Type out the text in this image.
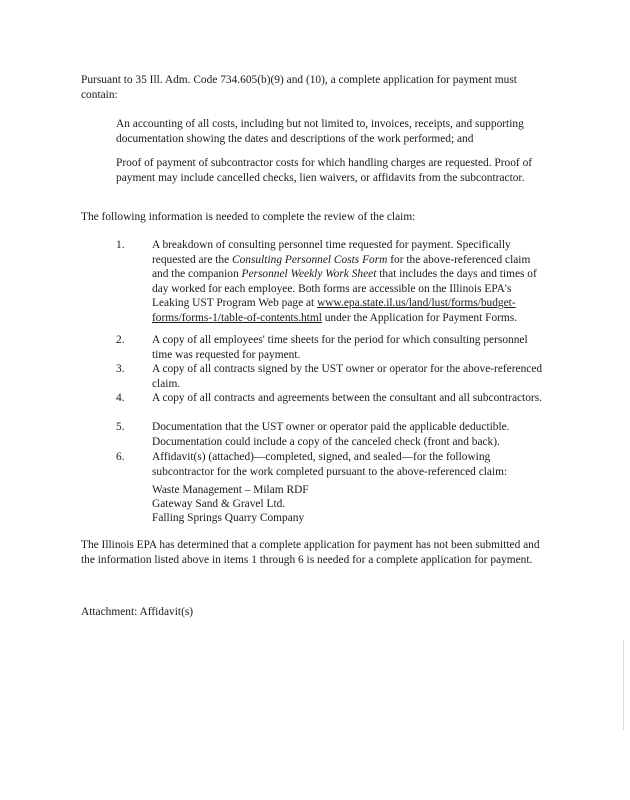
Pursuant to 35 Ill. Adm. Code 734.605(b)(9) and (10), a complete application for payment must contain:
An accounting of all costs, including but not limited to, invoices, receipts, and supporting documentation showing the dates and descriptions of the work performed; and
Proof of payment of subcontractor costs for which handling charges are requested. Proof of payment may include cancelled checks, lien waivers, or affidavits from the subcontractor.
The following information is needed to complete the review of the claim:
1. A breakdown of consulting personnel time requested for payment. Specifically requested are the Consulting Personnel Costs Form for the above-referenced claim and the companion Personnel Weekly Work Sheet that includes the days and times of day worked for each employee. Both forms are accessible on the Illinois EPA's Leaking UST Program Web page at www.epa.state.il.us/land/lust/forms/budget-forms/forms-1/table-of-contents.html under the Application for Payment Forms.
2. A copy of all employees' time sheets for the period for which consulting personnel time was requested for payment.
3. A copy of all contracts signed by the UST owner or operator for the above-referenced claim.
4. A copy of all contracts and agreements between the consultant and all subcontractors.
5. Documentation that the UST owner or operator paid the applicable deductible. Documentation could include a copy of the canceled check (front and back).
6. Affidavit(s) (attached)—completed, signed, and sealed—for the following subcontractor for the work completed pursuant to the above-referenced claim:
Waste Management – Milam RDF
Gateway Sand & Gravel Ltd.
Falling Springs Quarry Company
The Illinois EPA has determined that a complete application for payment has not been submitted and the information listed above in items 1 through 6 is needed for a complete application for payment.
Attachment: Affidavit(s)
